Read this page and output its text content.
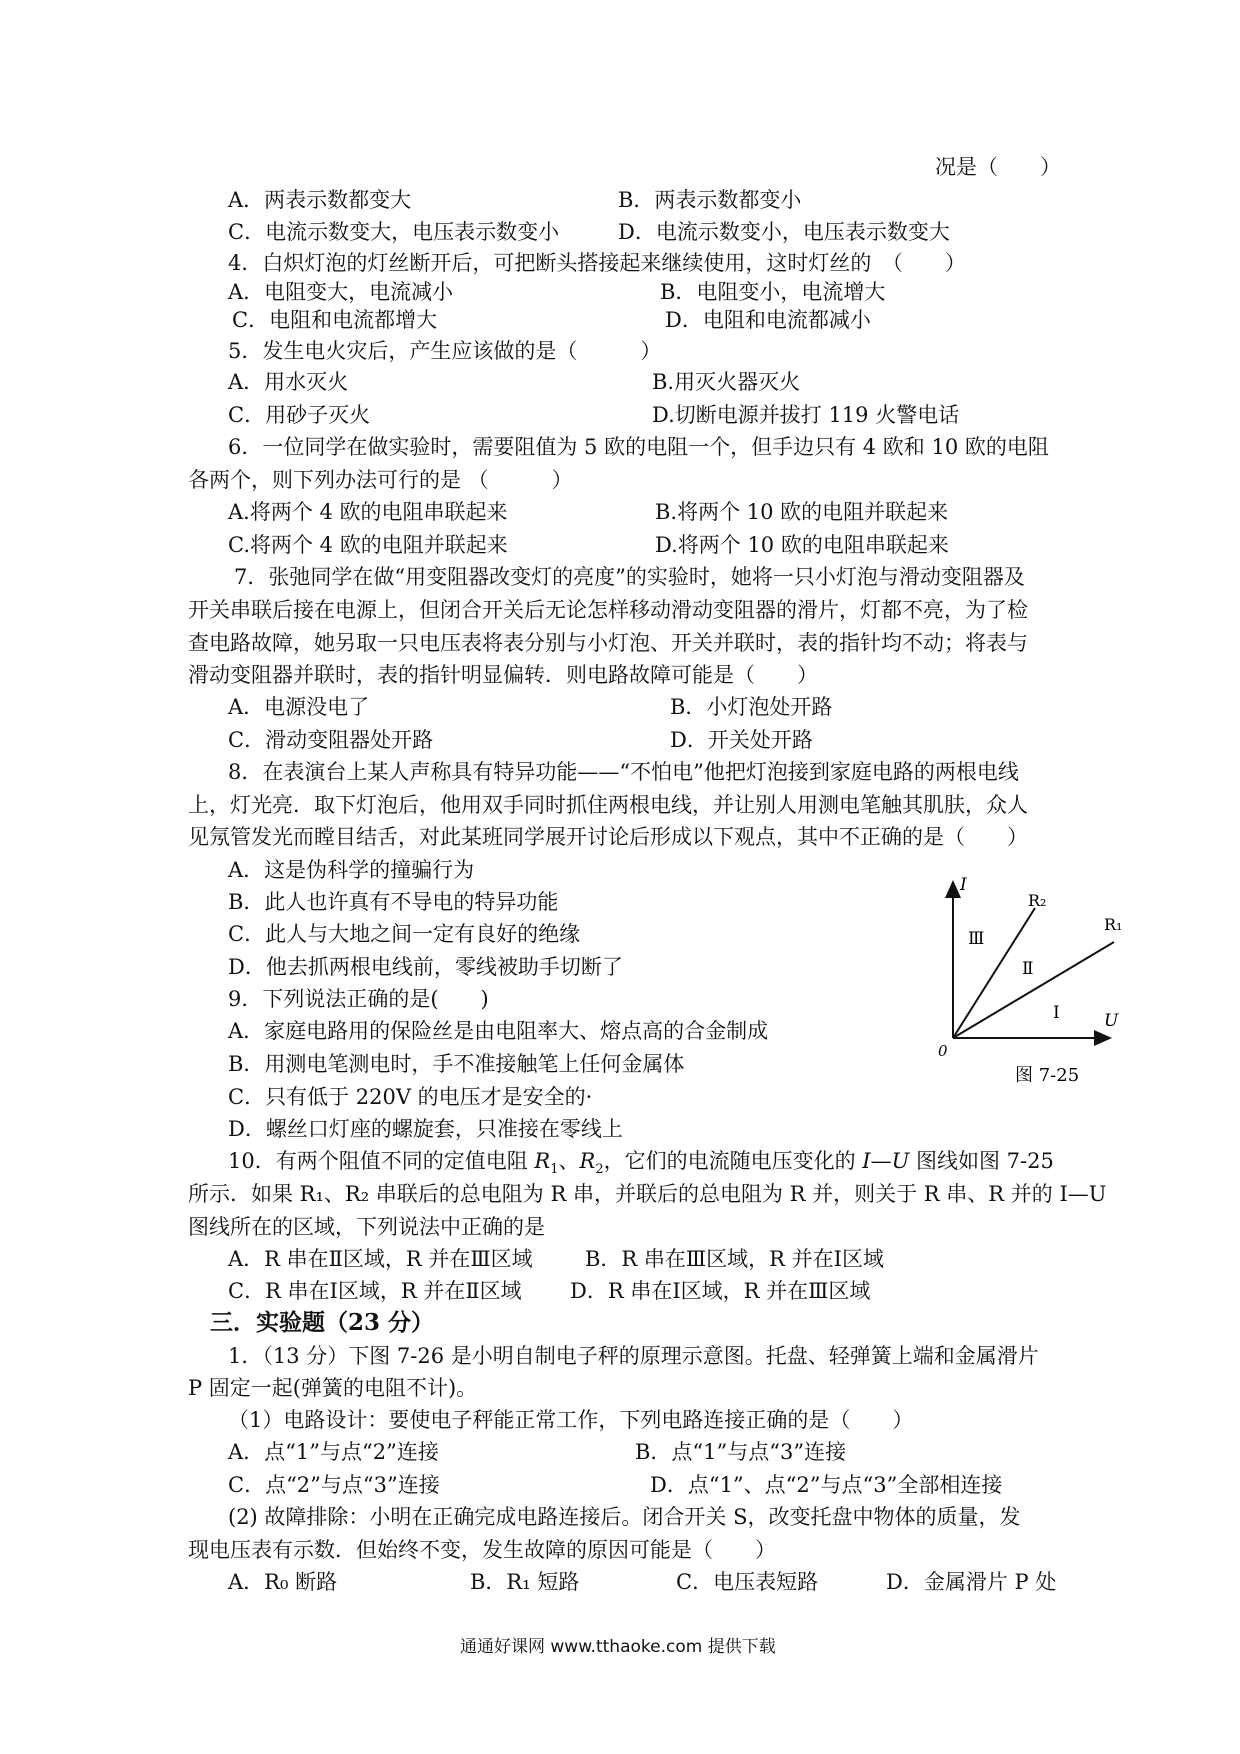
况是（　　）
A．两表示数都变大	B．两表示数都变小
C．电流示数变大，电压表示数变小	D．电流示数变小，电压表示数变大
4．白炽灯泡的灯丝断开后，可把断头搭接起来继续使用，这时灯丝的　（　　）
A．电阻变大，电流减小	B．电阻变小，电流增大
C．电阻和电流都增大	D．电阻和电流都减小
5．发生电火灾后，产生应该做的是（　　　）
A．用水灭火	B.用灭火器灭火
C．用砂子灭火	D.切断电源并拔打 119 火警电话
6．一位同学在做实验时，需要阻值为 5 欧的电阻一个，但手边只有 4 欧和 10 欧的电阻
各两个，则下列办法可行的是 （　　　）
A.将两个 4 欧的电阻串联起来	B.将两个 10 欧的电阻并联起来
C.将两个 4 欧的电阻并联起来	D.将两个 10 欧的电阻串联起来
7．张弛同学在做“用变阻器改变灯的亮度”的实验时，她将一只小灯泡与滑动变阻器及
开关串联后接在电源上，但闭合开关后无论怎样移动滑动变阻器的滑片，灯都不亮，为了检
查电路故障，她另取一只电压表将表分别与小灯泡、开关并联时，表的指针均不动；将表与
滑动变阻器并联时，表的指针明显偏转．则电路故障可能是（　　）
A．电源没电了	B．小灯泡处开路
C．滑动变阻器处开路	D．开关处开路
8．在表演台上某人声称具有特异功能——“不怕电”他把灯泡接到家庭电路的两根电线
上，灯光亮．取下灯泡后，他用双手同时抓住两根电线，并让别人用测电笔触其肌肤，众人
见氖管发光而瞠目结舌，对此某班同学展开讨论后形成以下观点，其中不正确的是（　　）
A．这是伪科学的撞骗行为
B．此人也许真有不导电的特异功能
C．此人与大地之间一定有良好的绝缘
D．他去抓两根电线前，零线被助手切断了
9．下列说法正确的是(　　)
A．家庭电路用的保险丝是由电阻率大、熔点高的合金制成
B．用测电笔测电时，手不准接触笔上任何金属体
C．只有低于 220V 的电压才是安全的·
D．螺丝口灯座的螺旋套，只准接在零线上
I
U
0
R₂
R₁
Ⅲ
Ⅱ
Ⅰ
图 7-25
10．有两个阻值不同的定值电阻 $R_1$、$R_2$，它们的电流随电压变化的 I—U 图线如图 7-25
所示．如果 R₁、R₂ 串联后的总电阻为 R 串，并联后的总电阻为 R 并，则关于 R 串、R 并的 I—U
图线所在的区域，下列说法中正确的是
A．R 串在Ⅱ区域，R 并在Ⅲ区域 B．R 串在Ⅲ区域，R 并在Ⅰ区域
C．R 串在Ⅰ区域，R 并在Ⅱ区域 D．R 串在Ⅰ区域，R 并在Ⅲ区域
三．实验题（23 分）
1．（13 分）下图 7-26 是小明自制电子秤的原理示意图。托盘、轻弹簧上端和金属滑片
P 固定一起(弹簧的电阻不计)。
（1）电路设计：要使电子秤能正常工作，下列电路连接正确的是（　　）
A．点“1”与点“2”连接	B．点“1”与点“3”连接
C．点“2”与点“3”连接	D．点“1”、点“2”与点“3”全部相连接
(2) 故障排除：小明在正确完成电路连接后。闭合开关 S，改变托盘中物体的质量，发
现电压表有示数．但始终不变，发生故障的原因可能是（　　）
A．R₀ 断路	B．R₁ 短路	C．电压表短路	D．金属滑片 P 处
通通好课网 www.tthaoke.com 提供下载
